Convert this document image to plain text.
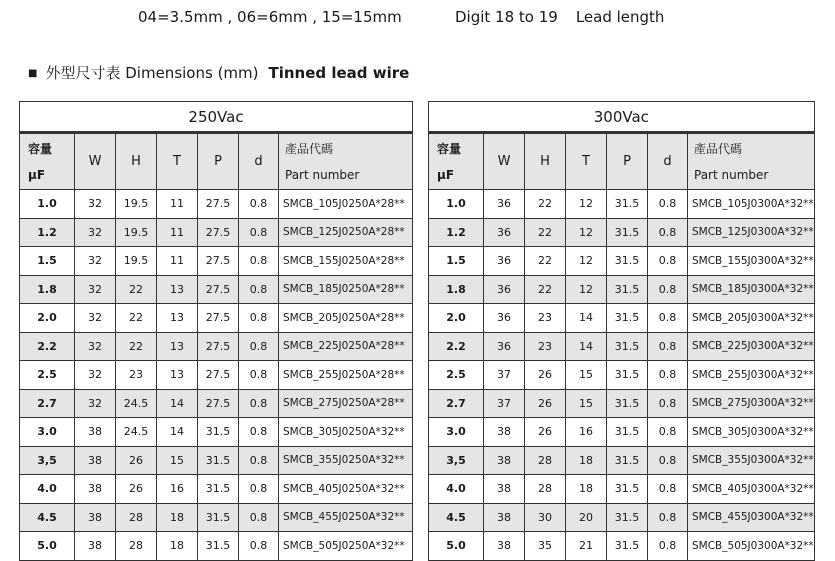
04=3.5mm , 06=6mm , 15=15mm	Digit 18 to 19 Lead length
■ 外型尺寸表 Dimensions (mm) Tinned lead wire
250Vac						
容量
µF	W	H	T	P	d	產品代碼
Part number
1.0	32	19.5	11	27.5	0.8	SMCB_105J0250A*28**
1.2	32	19.5	11	27.5	0.8	SMCB_125J0250A*28**
1.5	32	19.5	11	27.5	0.8	SMCB_155J0250A*28**
1.8	32	22	13	27.5	0.8	SMCB_185J0250A*28**
2.0	32	22	13	27.5	0.8	SMCB_205J0250A*28**
2.2	32	22	13	27.5	0.8	SMCB_225J0250A*28**
2.5	32	23	13	27.5	0.8	SMCB_255J0250A*28**
2.7	32	24.5	14	27.5	0.8	SMCB_275J0250A*28**
3.0	38	24.5	14	31.5	0.8	SMCB_305J0250A*32**
3,5	38	26	15	31.5	0.8	SMCB_355J0250A*32**
4.0	38	26	16	31.5	0.8	SMCB_405J0250A*32**
4.5	38	28	18	31.5	0.8	SMCB_455J0250A*32**
5.0	38	28	18	31.5	0.8	SMCB_505J0250A*32**
300Vac						
容量
µF	W	H	T	P	d	產品代碼
Part number
1.0	36	22	12	31.5	0.8	SMCB_105J0300A*32**
1.2	36	22	12	31.5	0.8	SMCB_125J0300A*32**
1.5	36	22	12	31.5	0.8	SMCB_155J0300A*32**
1.8	36	22	12	31.5	0.8	SMCB_185J0300A*32**
2.0	36	23	14	31.5	0.8	SMCB_205J0300A*32**
2.2	36	23	14	31.5	0.8	SMCB_225J0300A*32**
2.5	37	26	15	31.5	0.8	SMCB_255J0300A*32**
2.7	37	26	15	31.5	0.8	SMCB_275J0300A*32**
3.0	38	26	16	31.5	0.8	SMCB_305J0300A*32**
3,5	38	28	18	31.5	0.8	SMCB_355J0300A*32**
4.0	38	28	18	31.5	0.8	SMCB_405J0300A*32**
4.5	38	30	20	31.5	0.8	SMCB_455J0300A*32**
5.0	38	35	21	31.5	0.8	SMCB_505J0300A*32**
